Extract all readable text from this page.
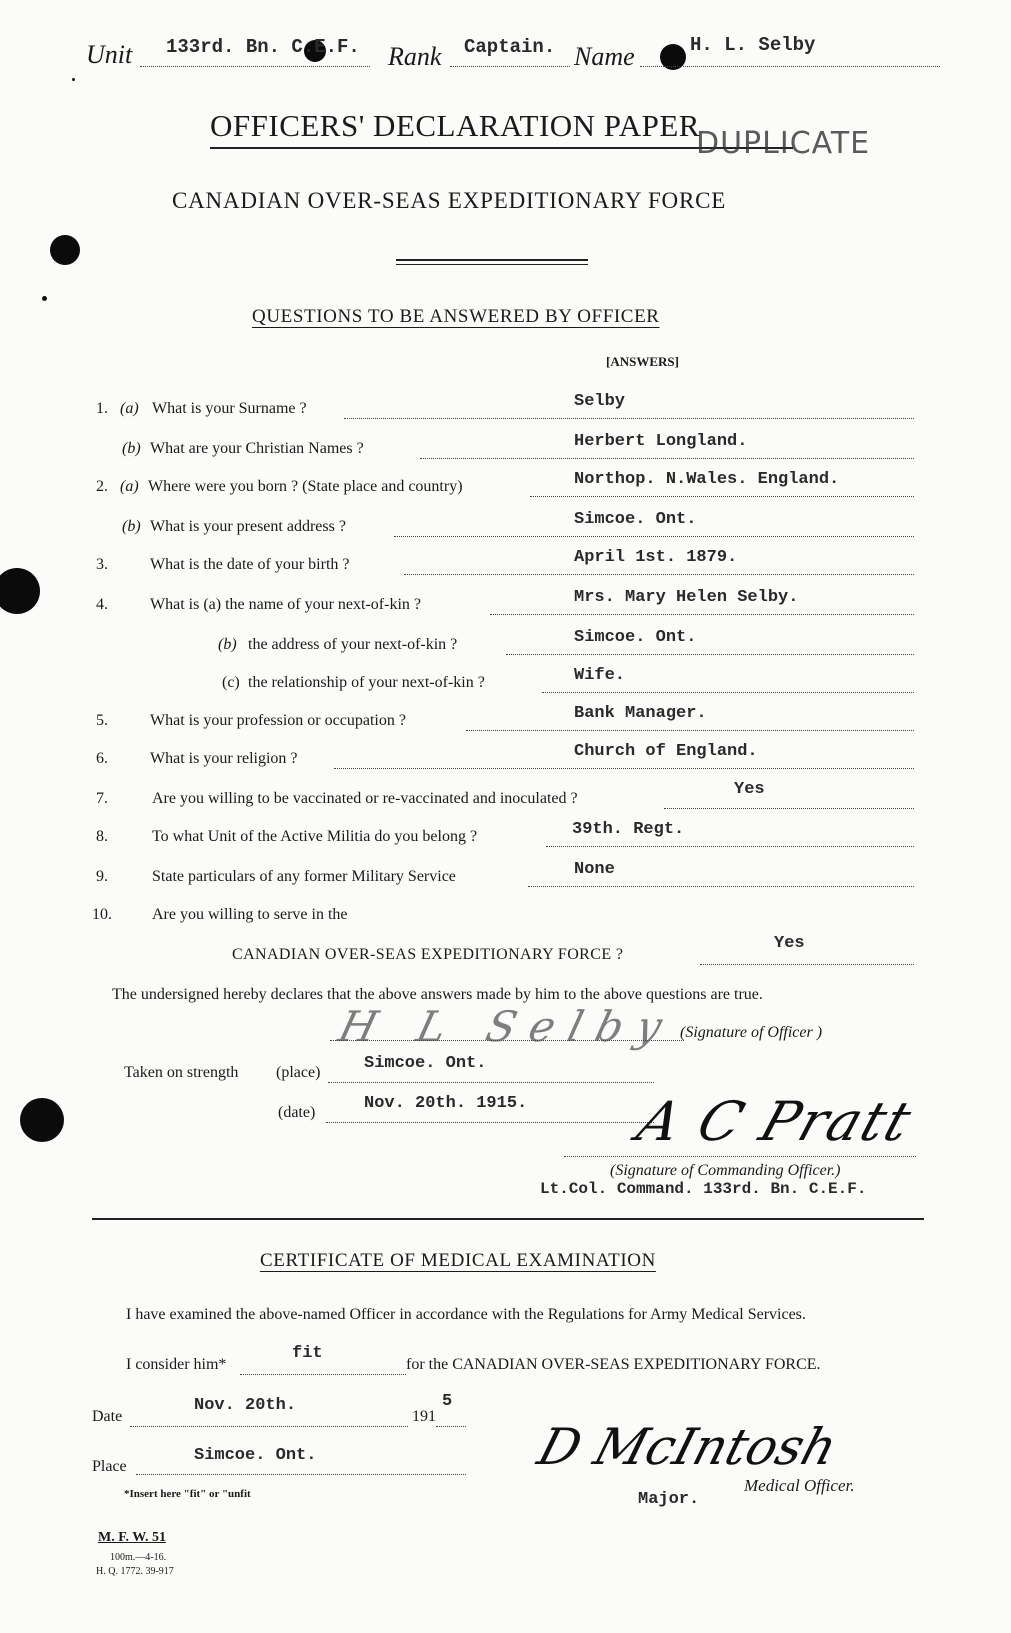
Unit 133rd. Bn. C.E.F. Rank Captain. Name	H. L. Selby
OFFICERS' DECLARATION PAPER
DUPLICATE
CANADIAN OVER-SEAS EXPEDITIONARY FORCE
QUESTIONS TO BE ANSWERED BY OFFICER
[ANSWERS]
1. (a) What is your Surname ?	Selby
(b) What are your Christian Names ?	Herbert Longland.
2. (a) Where were you born ? (State place and country)	Northop. N.Wales. England.
(b) What is your present address ?	Simcoe. Ont.
3.	What is the date of your birth ?	April 1st. 1879.
4.	What is (a) the name of your next-of-kin ?	Mrs. Mary Helen Selby.
(b) the address of your next-of-kin ?	Simcoe. Ont.
(c) the relationship of your next-of-kin ?	Wife.
5.	What is your profession or occupation ?	Bank Manager.
6.	What is your religion ?	Church of England.
7.	Are you willing to be vaccinated or re-vaccinated and inoculated ?	Yes
8.	To what Unit of the Active Militia do you belong ?	39th. Regt.
9.	State particulars of any former Military Service	None
10.	Are you willing to serve in the
CANADIAN OVER-SEAS EXPEDITIONARY FORCE ?
Yes
The undersigned hereby declares that the above answers made by him to the above questions are true.
H L Selby
(Signature of Officer )
Taken on strength (place)	Simcoe. Ont.
(date)	Nov. 20th. 1915. A C Pratt
(Signature of Commanding Officer.)
Lt.Col. Command. 133rd. Bn. C.E.F.
CERTIFICATE OF MEDICAL EXAMINATION
I have examined the above-named Officer in accordance with the Regulations for Army Medical Services.
I consider him*
fit
for the CANADIAN OVER-SEAS EXPEDITIONARY FORCE.
Date
Nov. 20th.
191
5
Place
Simcoe. Ont.
*Insert here "fit" or "unfit
D McIntosh
Medical Officer.
Major.
M. F. W. 51
100m.—4-16.
H. Q. 1772. 39-917
